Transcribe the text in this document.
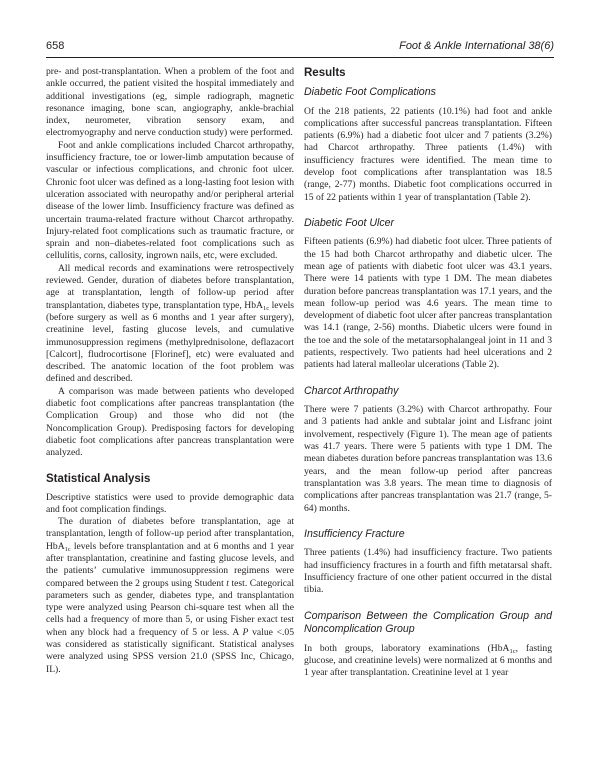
658	Foot & Ankle International 38(6)

pre- and post-transplantation. When a problem of the foot and ankle occurred, the patient visited the hospital immediately and additional investigations (eg, simple radiograph, magnetic resonance imaging, bone scan, angiography, ankle-brachial index, neurometer, vibration sensory exam, and electromyography and nerve conduction study) were performed.

Foot and ankle complications included Charcot arthropathy, insufficiency fracture, toe or lower-limb amputation because of vascular or infectious complications, and chronic foot ulcer. Chronic foot ulcer was defined as a long-lasting foot lesion with ulceration associated with neuropathy and/or peripheral arterial disease of the lower limb. Insufficiency fracture was defined as uncertain trauma-related fracture without Charcot arthropathy. Injury-related foot complications such as traumatic fracture, or sprain and non–diabetes-related foot complications such as cellulitis, corns, callosity, ingrown nails, etc, were excluded.

All medical records and examinations were retrospectively reviewed. Gender, duration of diabetes before transplantation, age at transplantation, length of follow-up period after transplantation, diabetes type, transplantation type, HbA$_{1c}$ levels (before surgery as well as 6 months and 1 year after surgery), creatinine level, fasting glucose levels, and cumulative immunosuppression regimens (methylprednisolone, deflazacort [Calcort], fludrocortisone [Florinef], etc) were evaluated and described. The anatomic location of the foot problem was defined and described.

A comparison was made between patients who developed diabetic foot complications after pancreas transplantation (the Complication Group) and those who did not (the Noncomplication Group). Predisposing factors for developing diabetic foot complications after pancreas transplantation were analyzed.

Statistical Analysis

Descriptive statistics were used to provide demographic data and foot complication findings.

The duration of diabetes before transplantation, age at transplantation, length of follow-up period after transplantation, HbA$_{1c}$ levels before transplantation and at 6 months and 1 year after transplantation, creatinine and fasting glucose levels, and the patients’ cumulative immunosuppression regimens were compared between the 2 groups using Student t test. Categorical parameters such as gender, diabetes type, and transplantation type were analyzed using Pearson chi-square test when all the cells had a frequency of more than 5, or using Fisher exact test when any block had a frequency of 5 or less. A P value <.05 was considered as statistically significant. Statistical analyses were analyzed using SPSS version 21.0 (SPSS Inc, Chicago, IL).

Results
Diabetic Foot Complications

Of the 218 patients, 22 patients (10.1%) had foot and ankle complications after successful pancreas transplantation. Fifteen patients (6.9%) had a diabetic foot ulcer and 7 patients (3.2%) had Charcot arthropathy. Three patients (1.4%) with insufficiency fractures were identified. The mean time to develop foot complications after transplantation was 18.5 (range, 2-77) months. Diabetic foot complications occurred in 15 of 22 patients within 1 year of transplantation (Table 2).

Diabetic Foot Ulcer

Fifteen patients (6.9%) had diabetic foot ulcer. Three patients of the 15 had both Charcot arthropathy and diabetic ulcer. The mean age of patients with diabetic foot ulcer was 43.1 years. There were 14 patients with type 1 DM. The mean diabetes duration before pancreas transplantation was 17.1 years, and the mean follow-up period was 4.6 years. The mean time to development of diabetic foot ulcer after pancreas transplantation was 14.1 (range, 2-56) months. Diabetic ulcers were found in the toe and the sole of the metatarsophalangeal joint in 11 and 3 patients, respectively. Two patients had heel ulcerations and 2 patients had lateral malleolar ulcerations (Table 2).

Charcot Arthropathy

There were 7 patients (3.2%) with Charcot arthropathy. Four and 3 patients had ankle and subtalar joint and Lisfranc joint involvement, respectively (Figure 1). The mean age of patients was 41.7 years. There were 5 patients with type 1 DM. The mean diabetes duration before pancreas transplantation was 13.6 years, and the mean follow-up period after pancreas transplantation was 3.8 years. The mean time to diagnosis of complications after pancreas transplantation was 21.7 (range, 5-64) months.

Insufficiency Fracture

Three patients (1.4%) had insufficiency fracture. Two patients had insufficiency fractures in a fourth and fifth metatarsal shaft. Insufficiency fracture of one other patient occurred in the distal tibia.

Comparison Between the Complication Group and Noncomplication Group

In both groups, laboratory examinations (HbA$_{1c}$, fasting glucose, and creatinine levels) were normalized at 6 months and 1 year after transplantation. Creatinine level at 1 year
